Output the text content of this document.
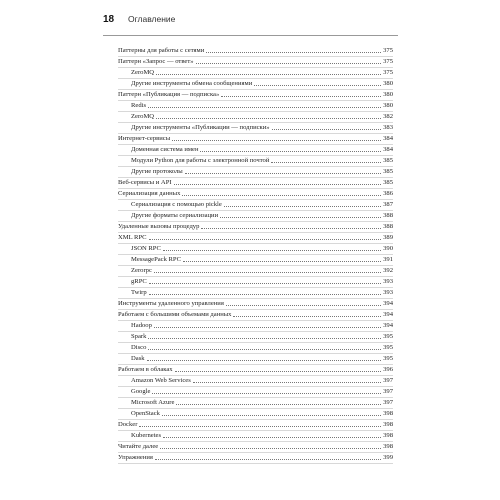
18 Оглавление
Паттерны для работы с сетями	375
Паттерн «Запрос — ответ»	375
ZeroMQ	375
Другие инструменты обмена сообщениями	380
Паттерн «Публикация — подписка»	380
Redis	380
ZeroMQ	382
Другие инструменты «Публикации — подписки»	383
Интернет-сервисы	384
Доменная система имен	384
Модули Python для работы с электронной почтой	385
Другие протоколы	385
Веб-сервисы и API	385
Сериализация данных	386
Сериализация с помощью pickle	387
Другие форматы сериализации	388
Удаленные вызовы процедур	388
XML RPC	389
JSON RPC	390
MessagePack RPC	391
Zerorpc	392
gRPC	393
Twirp	393
Инструменты удаленного управления	394
Работаем с большими объемами данных	394
Hadoop	394
Spark	395
Disco	395
Dask	395
Работаем в облаках	396
Amazon Web Services	397
Google	397
Microsoft Azure	397
OpenStack	398
Docker	398
Kubernetes	398
Читайте далее	398
Упражнения	399
